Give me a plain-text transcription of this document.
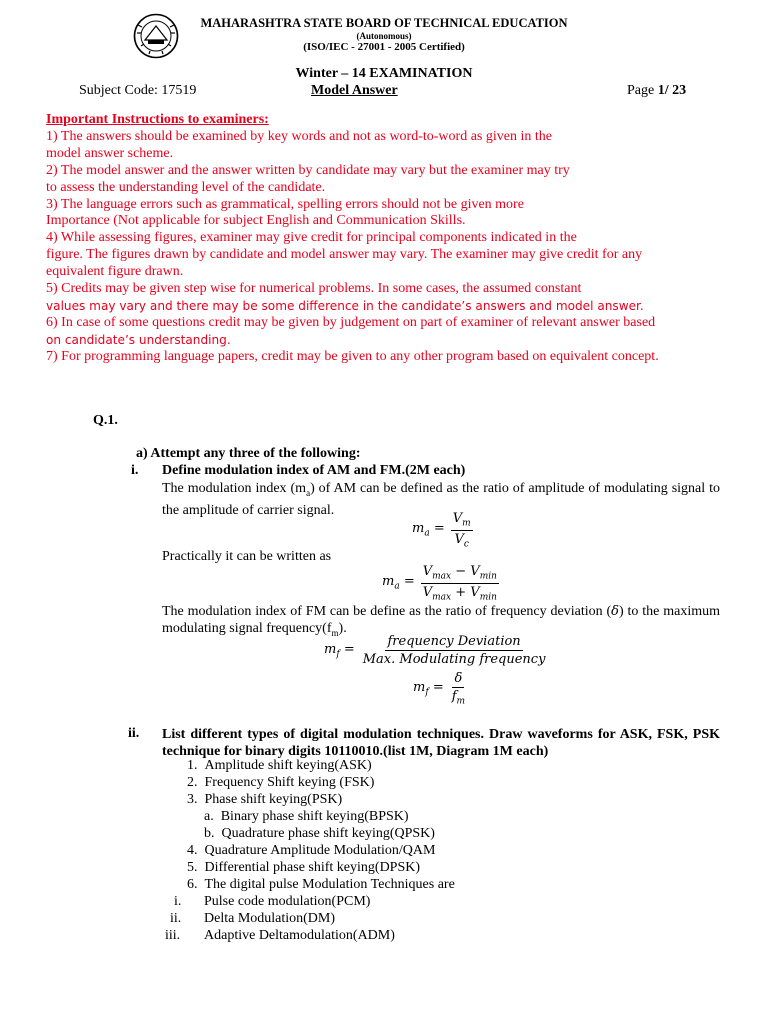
MAHARASHTRA STATE BOARD OF TECHNICAL EDUCATION
(Autonomous)
(ISO/IEC - 27001 - 2005 Certified)
Winter – 14 EXAMINATION
Subject Code: 17519	Model Answer	Page 1/ 23
Important Instructions to examiners:
1) The answers should be examined by key words and not as word-to-word as given in the
model answer scheme.
2) The model answer and the answer written by candidate may vary but the examiner may try
to assess the understanding level of the candidate.
3) The language errors such as grammatical, spelling errors should not be given more
Importance (Not applicable for subject English and Communication Skills.
4) While assessing figures, examiner may give credit for principal components indicated in the
figure. The figures drawn by candidate and model answer may vary. The examiner may give credit for any
equivalent figure drawn.
5) Credits may be given step wise for numerical problems. In some cases, the assumed constant
values may vary and there may be some difference in the candidate’s answers and model answer.
6) In case of some questions credit may be given by judgement on part of examiner of relevant answer based
on candidate’s understanding.
7) For programming language papers, credit may be given to any other program based on equivalent concept.
Q.1.
a) Attempt any three of the following:
i. Define modulation index of AM and FM.(2M each)
The modulation index $(m_a)$ of AM can be defined as the ratio of amplitude of modulating signal to the amplitude of carrier signal.
$m_a = \frac{V_m}{V_c}$
Practically it can be written as
$m_a = \frac{V_{max} - V_{min}}{V_{max} + V_{min}}$
The modulation index of FM can be define as the ratio of frequency deviation (δ) to the maximum modulating signal $frequency(f_m)$.
$m_f = \frac{\text{frequency Deviation}}{\text{Max. Modulating frequency}}$
$m_f = \frac{\delta}{f_m}$
ii. List different types of digital modulation techniques. Draw waveforms for ASK, FSK, PSK technique for binary digits 10110010.(list 1M, Diagram 1M each)
1. Amplitude shift keying(ASK)
2. Frequency Shift keying (FSK)
3. Phase shift keying(PSK)
a. Binary phase shift keying(BPSK)
b. Quadrature phase shift keying(QPSK)
4. Quadrature Amplitude Modulation/QAM
5. Differential phase shift keying(DPSK)
6. The digital pulse Modulation Techniques are
i. Pulse code modulation(PCM)
ii. Delta Modulation(DM)
iii. Adaptive Deltamodulation(ADM)
